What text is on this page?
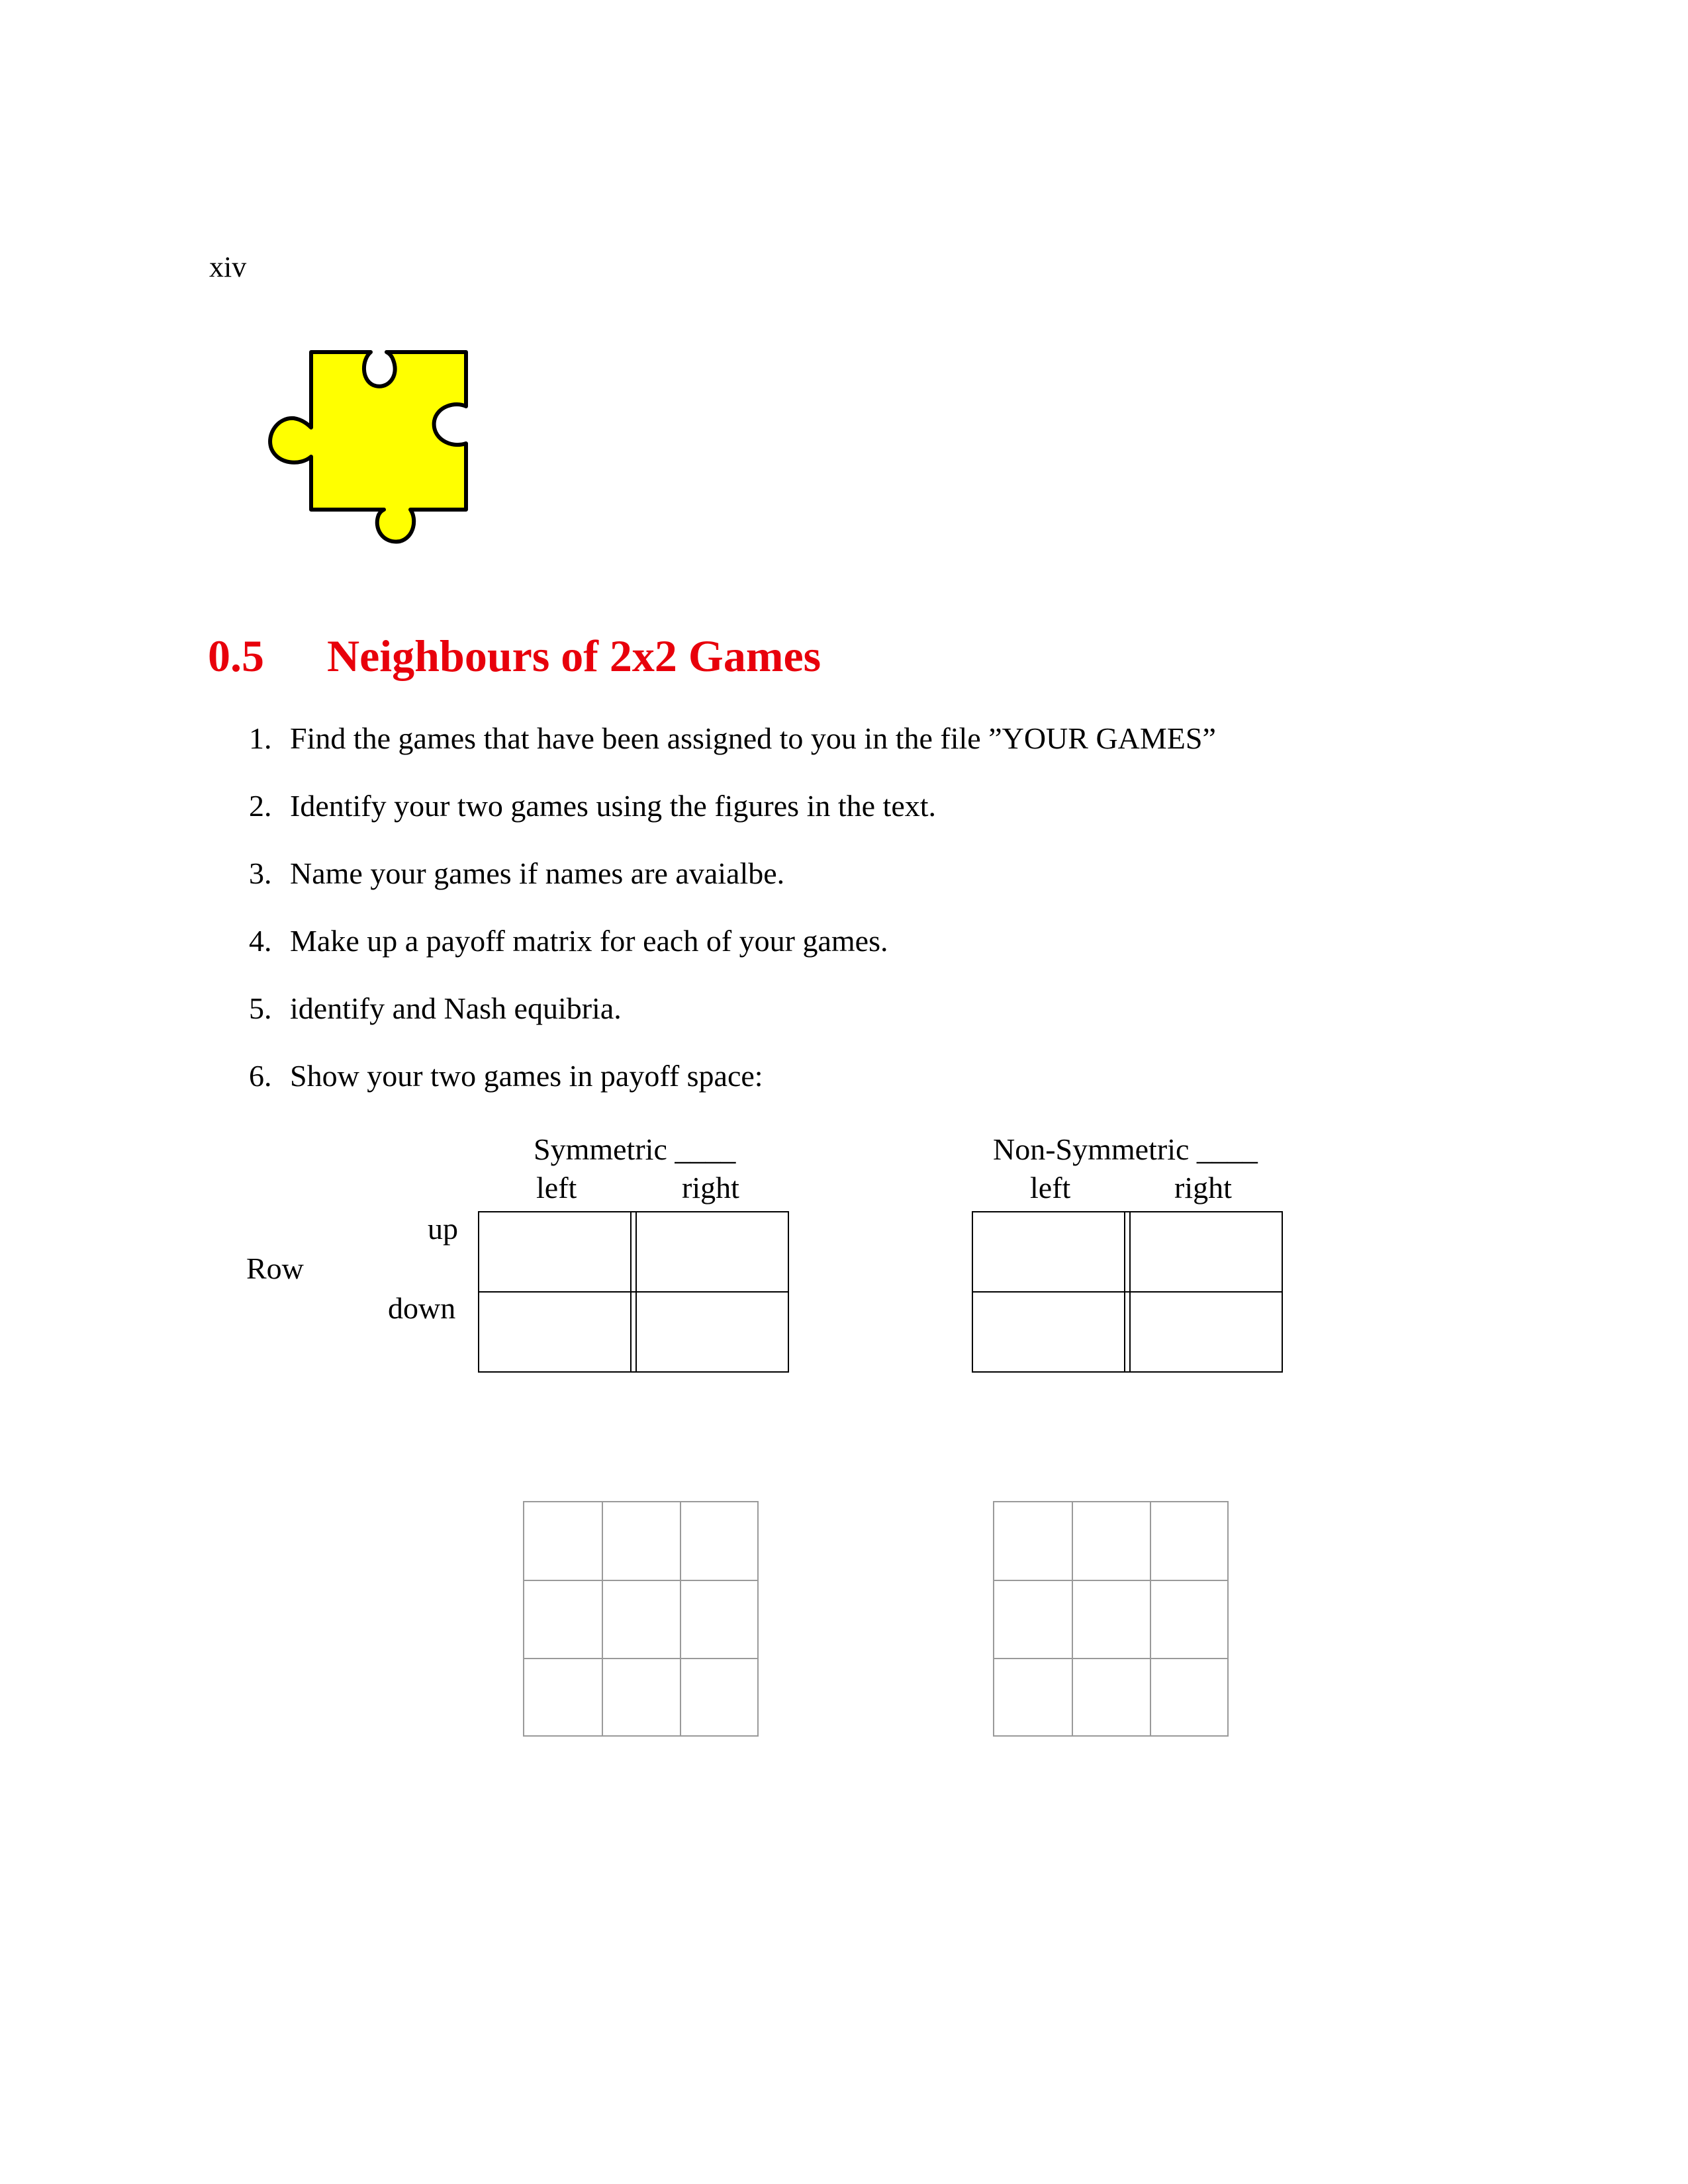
xiv
0.5 Neighbours of 2x2 Games
1. Find the games that have been assigned to you in the file ”YOUR GAMES”
2. Identify your two games using the figures in the text.
3. Name your games if names are avaialbe.
4. Make up a payoff matrix for each of your games.
5. identify and Nash equibria.
6. Show your two games in payoff space:
Symmetric ____
left	right
Non-Symmetric ____
left	right
Row
up
down
